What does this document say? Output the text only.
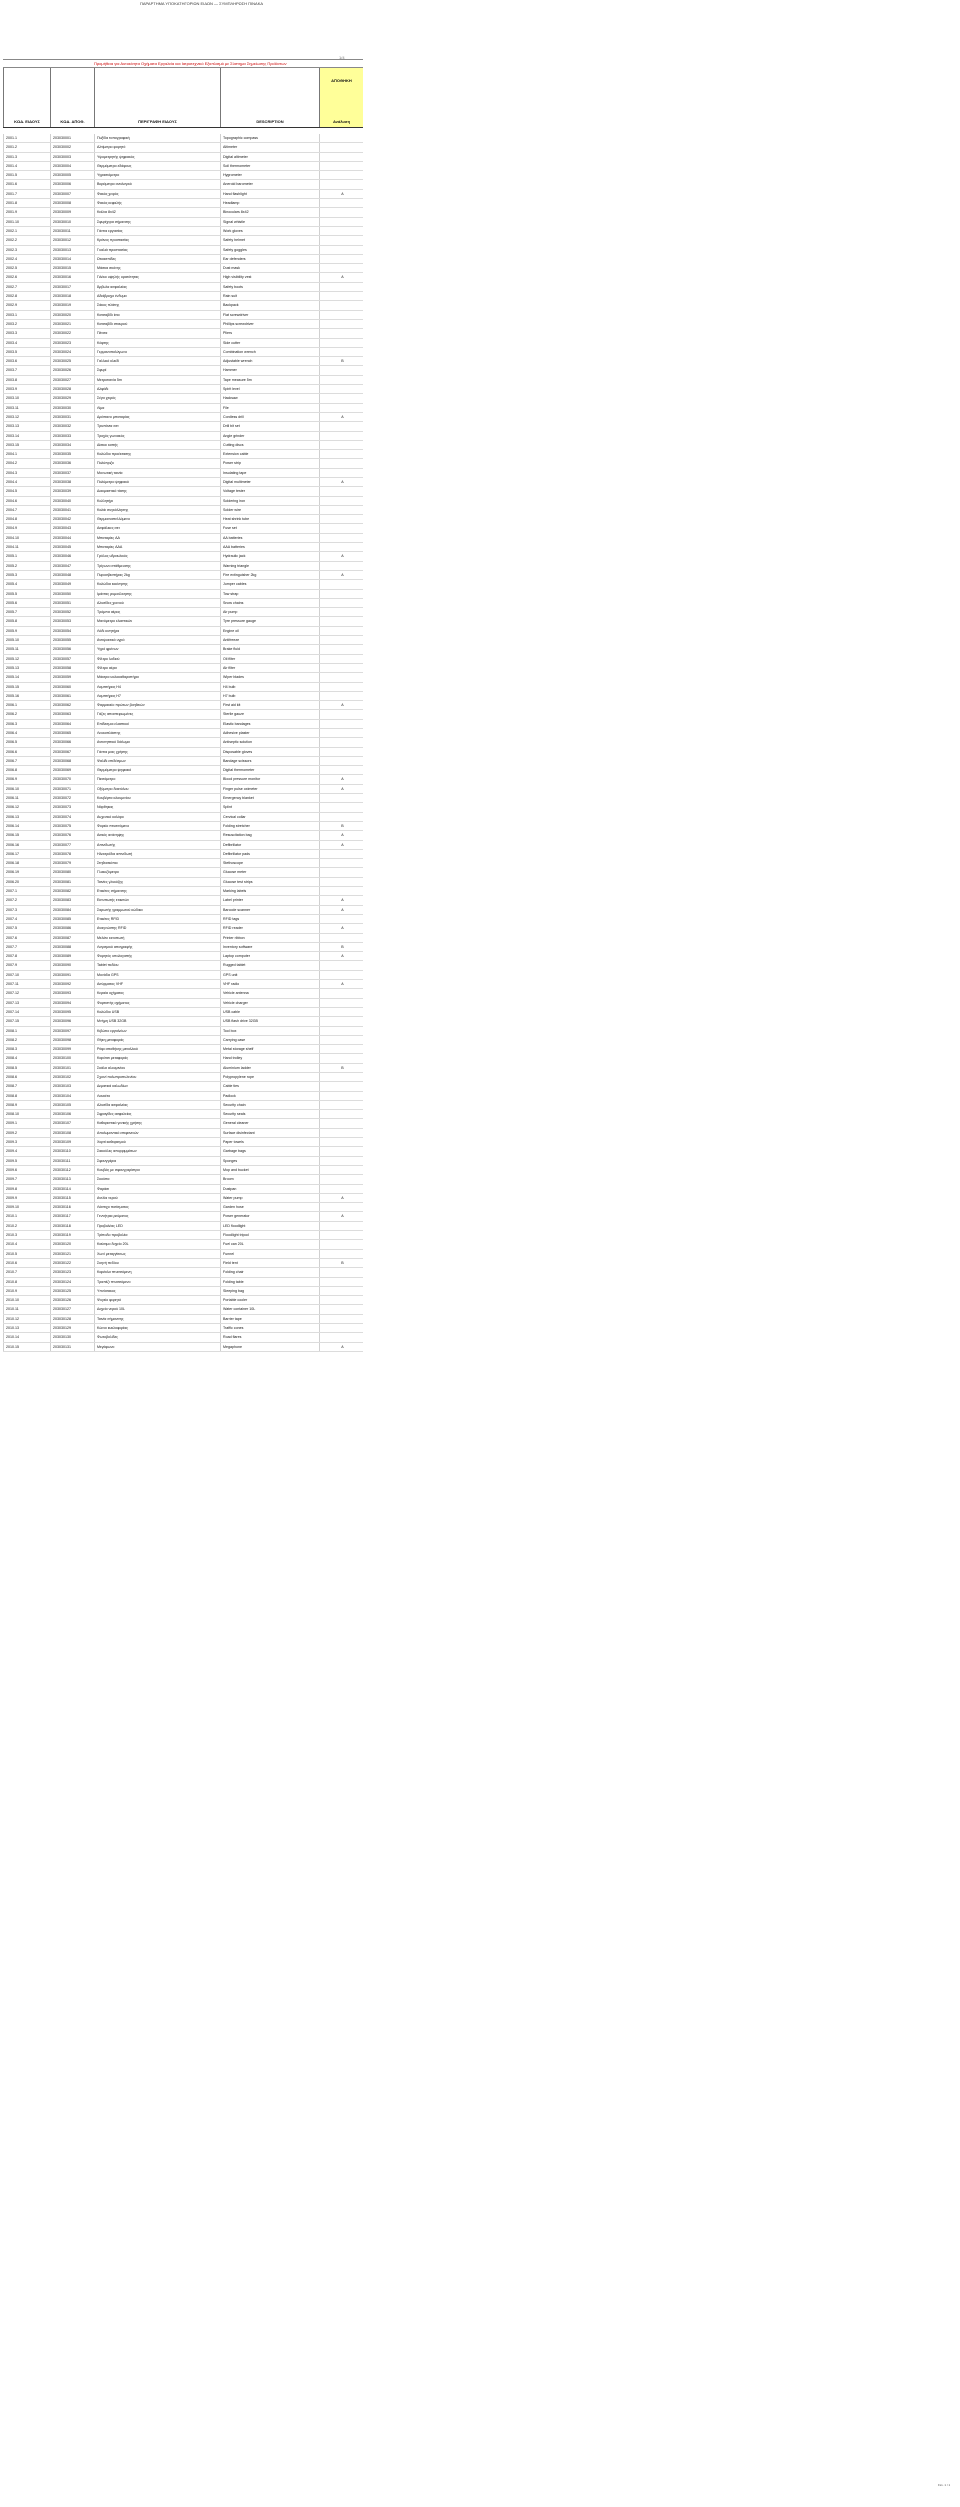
ΠΑΡΑΡΤΗΜΑ ΥΠΟΚΑΤΗΓΟΡΙΩΝ ΕΙΔΩΝ — ΣΥΜΠΛΗΡΩΣΗ ΠΙΝΑΚΑ
1/4
Προμήθεια για Αυτοκίνητα Οχήματα Εργαλεία και Ιατροτεχνικό Εξοπλισμό με Σύστημα Σημείωσης Προϊόντων
ΚΩΔ. ΕΙΔΟΥΣ	ΚΩΔ. ΑΠΟΘ.	ΠΕΡΙΓΡΑΦΗ ΕΙΔΟΥΣ	DESCRIPTION
ΑΠΟΘΗΚΗ
Ανάλυση
2001.1	203030001	Πυξίδα τοπογραφική	Topographic compass
2001.2	203030002	Αλτίμετρο φορητό	Altimeter
2001.3	203030003	Υψομετρητής ψηφιακός	Digital altimeter
2001.4	203030004	Θερμόμετρο εδάφους	Soil thermometer
2001.5	203030005	Υγρασιόμετρο	Hygrometer
2001.6	203030006	Βαρόμετρο αναλογικό	Aneroid barometer
2001.7	203030007	Φακός χειρός	Hand flashlight	Α
2001.8	203030008	Φακός κεφαλής	Headlamp
2001.9	203030009	Κιάλια 8x42	Binoculars 8x42
2001.10	203030010	Σφυρίχτρα σήμανσης	Signal whistle
2002.1	203030011	Γάντια εργασίας	Work gloves
2002.2	203030012	Κράνος προστασίας	Safety helmet
2002.3	203030013	Γυαλιά προστασίας	Safety goggles
2002.4	203030014	Ωτοασπίδες	Ear defenders
2002.5	203030015	Μάσκα σκόνης	Dust mask
2002.6	203030016	Γιλέκο υψηλής ορατότητας	High visibility vest	Α
2002.7	203030017	Άρβυλα ασφαλείας	Safety boots
2002.8	203030018	Αδιάβροχο ένδυμα	Rain suit
2002.9	203030019	Σάκος πλάτης	Backpack
2003.1	203030020	Κατσαβίδι ίσιο	Flat screwdriver
2003.2	203030021	Κατσαβίδι σταυρού	Phillips screwdriver
2003.3	203030022	Πένσα	Pliers
2003.4	203030023	Κόφτης	Side cutter
2003.5	203030024	Γερμανοπολύγωνο	Combination wrench
2003.6	203030025	Γαλλικό κλειδί	Adjustable wrench	Β
2003.7	203030026	Σφυρί	Hammer
2003.8	203030027	Μετροταινία 5m	Tape measure 5m
2003.9	203030028	Αλφάδι	Spirit level
2003.10	203030029	Σέγα χειρός	Hacksaw
2003.11	203030030	Λίμα	File
2003.12	203030031	Δράπανο μπαταρίας	Cordless drill	Α
2003.13	203030032	Τρυπάνια σετ	Drill bit set
2003.14	203030033	Τροχός γωνιακός	Angle grinder
2003.15	203030034	Δίσκοι κοπής	Cutting discs
2004.1	203030035	Καλώδιο προέκτασης	Extension cable
2004.2	203030036	Πολύπριζο	Power strip
2004.3	203030037	Μονωτική ταινία	Insulating tape
2004.4	203030038	Πολύμετρο ψηφιακό	Digital multimeter	Α
2004.5	203030039	Δοκιμαστικό τάσης	Voltage tester
2004.6	203030040	Κολλητήρι	Soldering iron
2004.7	203030041	Καλάι συγκόλλησης	Solder wire
2004.8	203030042	Θερμοσυστελλόμενο	Heat shrink tube
2004.9	203030043	Ασφάλειες σετ	Fuse set
2004.10	203030044	Μπαταρίες AA	AA batteries
2004.11	203030045	Μπαταρίες AAA	AAA batteries
2005.1	203030046	Γρύλος υδραυλικός	Hydraulic jack	Α
2005.2	203030047	Τρίγωνο στάθμευσης	Warning triangle
2005.3	203030048	Πυροσβεστήρας 2kg	Fire extinguisher 2kg	Α
2005.4	203030049	Καλώδια εκκίνησης	Jumper cables
2005.5	203030050	Ιμάντας ρυμούλκησης	Tow strap
2005.6	203030051	Αλυσίδες χιονιού	Snow chains
2005.7	203030052	Τρόμπα αέρος	Air pump
2005.8	203030053	Μανόμετρο ελαστικών	Tyre pressure gauge
2005.9	203030054	Λάδι κινητήρα	Engine oil
2005.10	203030055	Αντιψυκτικό υγρό	Antifreeze
2005.11	203030056	Υγρό φρένων	Brake fluid
2005.12	203030057	Φίλτρο λαδιού	Oil filter
2005.13	203030058	Φίλτρο αέρα	Air filter
2005.14	203030059	Μάκτρα υαλοκαθαριστήρα	Wiper blades
2005.15	203030060	Λαμπτήρας H4	H4 bulb
2005.16	203030061	Λαμπτήρας H7	H7 bulb
2006.1	203030062	Φαρμακείο πρώτων βοηθειών	First aid kit	Α
2006.2	203030063	Γάζες αποστειρωμένες	Sterile gauze
2006.3	203030064	Επίδεσμοι ελαστικοί	Elastic bandages
2006.4	203030065	Λευκοπλάστης	Adhesive plaster
2006.5	203030066	Αντισηπτικό διάλυμα	Antiseptic solution
2006.6	203030067	Γάντια μιας χρήσης	Disposable gloves
2006.7	203030068	Ψαλίδι επιδέσμων	Bandage scissors
2006.8	203030069	Θερμόμετρο ψηφιακό	Digital thermometer
2006.9	203030070	Πιεσόμετρο	Blood pressure monitor	Α
2006.10	203030071	Οξύμετρο δακτύλου	Finger pulse oximeter	Α
2006.11	203030072	Κουβέρτα αλουμινίου	Emergency blanket
2006.12	203030073	Νάρθηκας	Splint
2006.13	203030074	Αυχενικό κολάρο	Cervical collar
2006.14	203030075	Φορείο πτυσσόμενο	Folding stretcher	Β
2006.15	203030076	Ασκός ανάνηψης	Resuscitation bag	Α
2006.16	203030077	Απινιδωτής	Defibrillator	Α
2006.17	203030078	Ηλεκτρόδια απινιδωτή	Defibrillator pads
2006.18	203030079	Στηθοσκόπιο	Stethoscope
2006.19	203030080	Γλυκοζόμετρο	Glucose meter
2006.20	203030081	Ταινίες γλυκόζης	Glucose test strips
2007.1	203030082	Ετικέτες σήμανσης	Marking labels
2007.2	203030083	Εκτυπωτής ετικετών	Label printer	Α
2007.3	203030084	Σαρωτής γραμμωτού κώδικα	Barcode scanner	Α
2007.4	203030085	Ετικέτες RFID	RFID tags
2007.5	203030086	Αναγνώστης RFID	RFID reader	Α
2007.6	203030087	Μελάνι εκτυπωτή	Printer ribbon
2007.7	203030088	Λογισμικό απογραφής	Inventory software	Β
2007.8	203030089	Φορητός υπολογιστής	Laptop computer	Α
2007.9	203030090	Tablet πεδίου	Rugged tablet
2007.10	203030091	Μονάδα GPS	GPS unit
2007.11	203030092	Ασύρματος VHF	VHF radio	Α
2007.12	203030093	Κεραία οχήματος	Vehicle antenna
2007.13	203030094	Φορτιστής οχήματος	Vehicle charger
2007.14	203030095	Καλώδιο USB	USB cable
2007.15	203030096	Μνήμη USB 32GB	USB flash drive 32GB
2008.1	203030097	Κιβώτιο εργαλείων	Tool box
2008.2	203030098	Θήκη μεταφοράς	Carrying case
2008.3	203030099	Ράφι αποθήκης μεταλλικό	Metal storage shelf
2008.4	203030100	Καρότσι μεταφοράς	Hand trolley
2008.5	203030101	Σκάλα αλουμινίου	Aluminium ladder	Β
2008.6	203030102	Σχοινί πολυπροπυλενίου	Polypropylene rope
2008.7	203030103	Δεματικά καλωδίων	Cable ties
2008.8	203030104	Λουκέτο	Padlock
2008.9	203030105	Αλυσίδα ασφαλείας	Security chain
2008.10	203030106	Σφραγίδες ασφαλείας	Security seals
2009.1	203030107	Καθαριστικό γενικής χρήσης	General cleaner
2009.2	203030108	Απολυμαντικό επιφανειών	Surface disinfectant
2009.3	203030109	Χαρτί καθαρισμού	Paper towels
2009.4	203030110	Σακούλες απορριμμάτων	Garbage bags
2009.5	203030111	Σφουγγάρια	Sponges
2009.6	203030112	Κουβάς με σφουγγαρίστρα	Mop and bucket
2009.7	203030113	Σκούπα	Broom
2009.8	203030114	Φαράσι	Dustpan
2009.9	203030115	Αντλία νερού	Water pump	Α
2009.10	203030116	Λάστιχο ποτίσματος	Garden hose
2010.1	203030117	Γεννήτρια ρεύματος	Power generator	Α
2010.2	203030118	Προβολέας LED	LED floodlight
2010.3	203030119	Τρίποδο προβολέα	Floodlight tripod
2010.4	203030120	Καύσιμο δοχείο 20L	Fuel can 20L
2010.5	203030121	Χωνί μεταγγίσεως	Funnel
2010.6	203030122	Σκηνή πεδίου	Field tent	Β
2010.7	203030123	Καρέκλα πτυσσόμενη	Folding chair
2010.8	203030124	Τραπέζι πτυσσόμενο	Folding table
2010.9	203030125	Υπνόσακος	Sleeping bag
2010.10	203030126	Ψυγείο φορητό	Portable cooler
2010.11	203030127	Δοχείο νερού 10L	Water container 10L
2010.12	203030128	Ταινία σήμανσης	Barrier tape
2010.13	203030129	Κώνοι κυκλοφορίας	Traffic cones
2010.14	203030130	Φωτοβολίδες	Road flares
2010.15	203030131	Μεγάφωνο	Megaphone	Α
Σελ. 1 / 1
